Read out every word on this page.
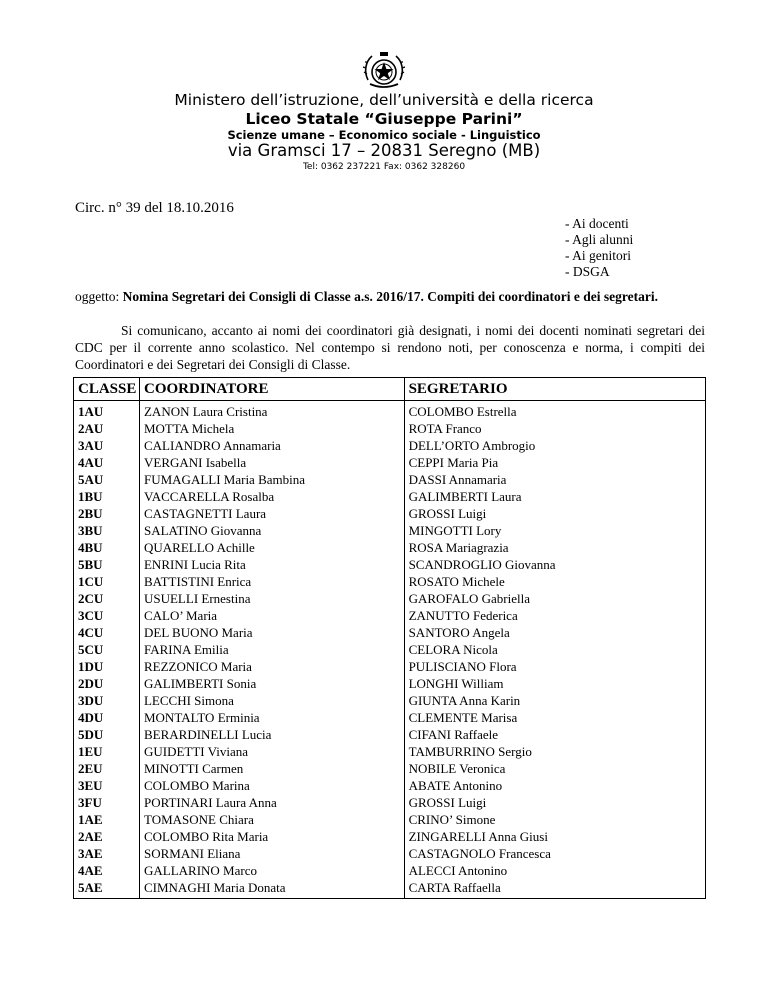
Ministero dell’istruzione, dell’università e della ricerca
Liceo Statale “Giuseppe Parini”
Scienze umane – Economico sociale - Linguistico
via Gramsci 17 – 20831 Seregno (MB)
Tel: 0362 237221 Fax: 0362 328260
Circ. n° 39 del 18.10.2016
- Ai docenti
- Agli alunni
- Ai genitori
- DSGA
oggetto: Nomina Segretari dei Consigli di Classe a.s. 2016/17. Compiti dei coordinatori e dei segretari.
Si comunicano, accanto ai nomi dei coordinatori già designati, i nomi dei docenti nominati segretari dei CDC per il corrente anno scolastico. Nel contempo si rendono noti, per conoscenza e norma, i compiti dei Coordinatori e dei Segretari dei Consigli di Classe.
CLASSE	COORDINATORE	SEGRETARIO
1AU	ZANON Laura Cristina	COLOMBO Estrella
2AU	MOTTA Michela	ROTA Franco
3AU	CALIANDRO Annamaria	DELL’ORTO Ambrogio
4AU	VERGANI Isabella	CEPPI Maria Pia
5AU	FUMAGALLI Maria Bambina	DASSI Annamaria
1BU	VACCARELLA Rosalba	GALIMBERTI Laura
2BU	CASTAGNETTI Laura	GROSSI Luigi
3BU	SALATINO Giovanna	MINGOTTI Lory
4BU	QUARELLO Achille	ROSA Mariagrazia
5BU	ENRINI Lucia Rita	SCANDROGLIO Giovanna
1CU	BATTISTINI Enrica	ROSATO Michele
2CU	USUELLI Ernestina	GAROFALO Gabriella
3CU	CALO’ Maria	ZANUTTO Federica
4CU	DEL BUONO Maria	SANTORO Angela
5CU	FARINA Emilia	CELORA Nicola
1DU	REZZONICO Maria	PULISCIANO Flora
2DU	GALIMBERTI Sonia	LONGHI William
3DU	LECCHI Simona	GIUNTA Anna Karin
4DU	MONTALTO Erminia	CLEMENTE Marisa
5DU	BERARDINELLI Lucia	CIFANI Raffaele
1EU	GUIDETTI Viviana	TAMBURRINO Sergio
2EU	MINOTTI Carmen	NOBILE Veronica
3EU	COLOMBO Marina	ABATE Antonino
3FU	PORTINARI Laura Anna	GROSSI Luigi
1AE	TOMASONE Chiara	CRINO’ Simone
2AE	COLOMBO Rita Maria	ZINGARELLI Anna Giusi
3AE	SORMANI Eliana	CASTAGNOLO Francesca
4AE	GALLARINO Marco	ALECCI Antonino
5AE	CIMNAGHI Maria Donata	CARTA Raffaella
